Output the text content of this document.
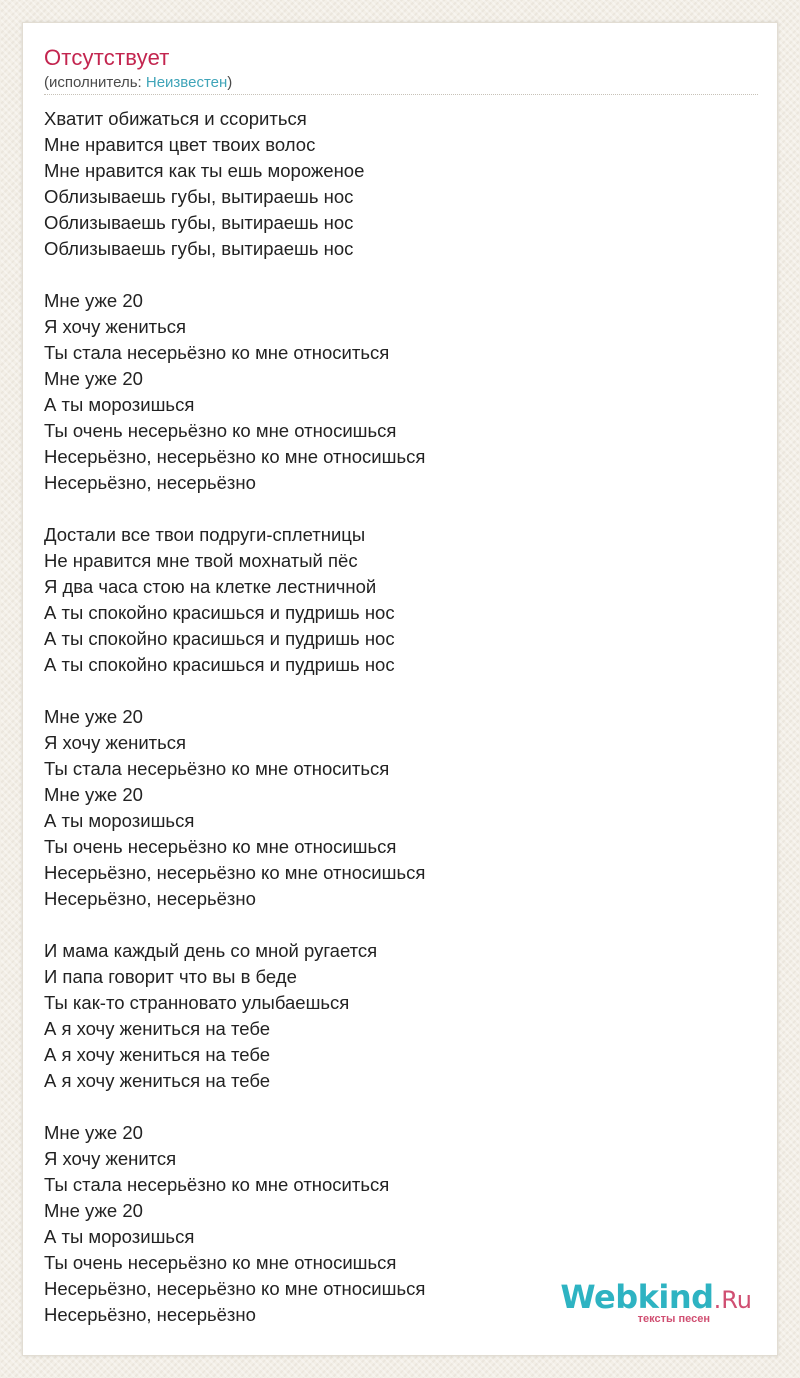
Отсутствует
(исполнитель: Неизвестен)
Хватит обижаться и ссориться
Мне нравится цвет твоих волос
Мне нравится как ты ешь мороженое
Облизываешь губы, вытираешь нос
Облизываешь губы, вытираешь нос
Облизываешь губы, вытираешь нос
Мне уже 20
Я хочу жениться
Ты стала несерьёзно ко мне относиться
Мне уже 20
А ты морозишься
Ты очень несерьёзно ко мне относишься
Несерьёзно, несерьёзно ко мне относишься
Несерьёзно, несерьёзно
Достали все твои подруги-сплетницы
Не нравится мне твой мохнатый пёс
Я два часа стою на клетке лестничной
А ты спокойно красишься и пудришь нос
А ты спокойно красишься и пудришь нос
А ты спокойно красишься и пудришь нос
Мне уже 20
Я хочу жениться
Ты стала несерьёзно ко мне относиться
Мне уже 20
А ты морозишься
Ты очень несерьёзно ко мне относишься
Несерьёзно, несерьёзно ко мне относишься
Несерьёзно, несерьёзно
И мама каждый день со мной ругается
И папа говорит что вы в беде
Ты как-то странновато улыбаешься
А я хочу жениться на тебе
А я хочу жениться на тебе
А я хочу жениться на тебе
Мне уже 20
Я хочу женится
Ты стала несерьёзно ко мне относиться
Мне уже 20
А ты морозишься
Ты очень несерьёзно ко мне относишься
Несерьёзно, несерьёзно ко мне относишься
Несерьёзно, несерьёзно	Webkind.Ru
тексты песен
